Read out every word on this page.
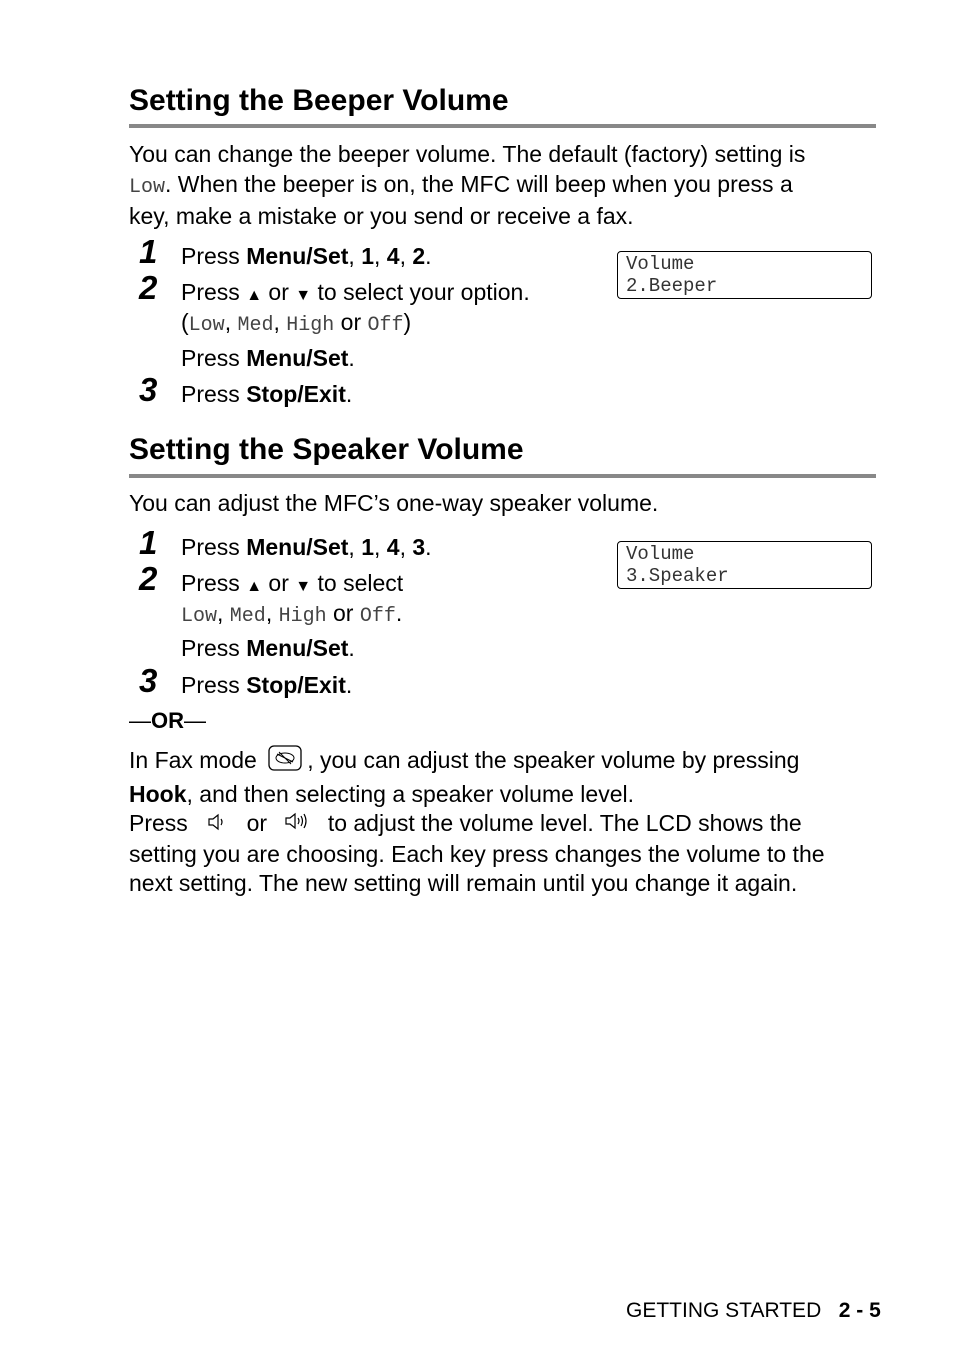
Setting the Beeper Volume
You can change the beeper volume. The default (factory) setting is
Low. When the beeper is on, the MFC will beep when you press a
key, make a mistake or you send or receive a fax.
1 Press Menu/Set, 1, 4, 2.
2 Press ▲ or ▼ to select your option.
(Low, Med, High or Off)
Press Menu/Set.
3 Press Stop/Exit.
Volume
2.Beeper
Setting the Speaker Volume
You can adjust the MFC’s one-way speaker volume.
1 Press Menu/Set, 1, 4, 3.
2 Press ▲ or ▼ to select
Low, Med, High or Off.
Press Menu/Set.
3 Press Stop/Exit.
Volume
3.Speaker
—OR—
In Fax mode , you can adjust the speaker volume by pressing
Hook, and then selecting a speaker volume level.
Press	or	to adjust the volume level. The LCD shows the
setting you are choosing. Each key press changes the volume to the
next setting. The new setting will remain until you change it again.
GETTING STARTED 2 - 5
